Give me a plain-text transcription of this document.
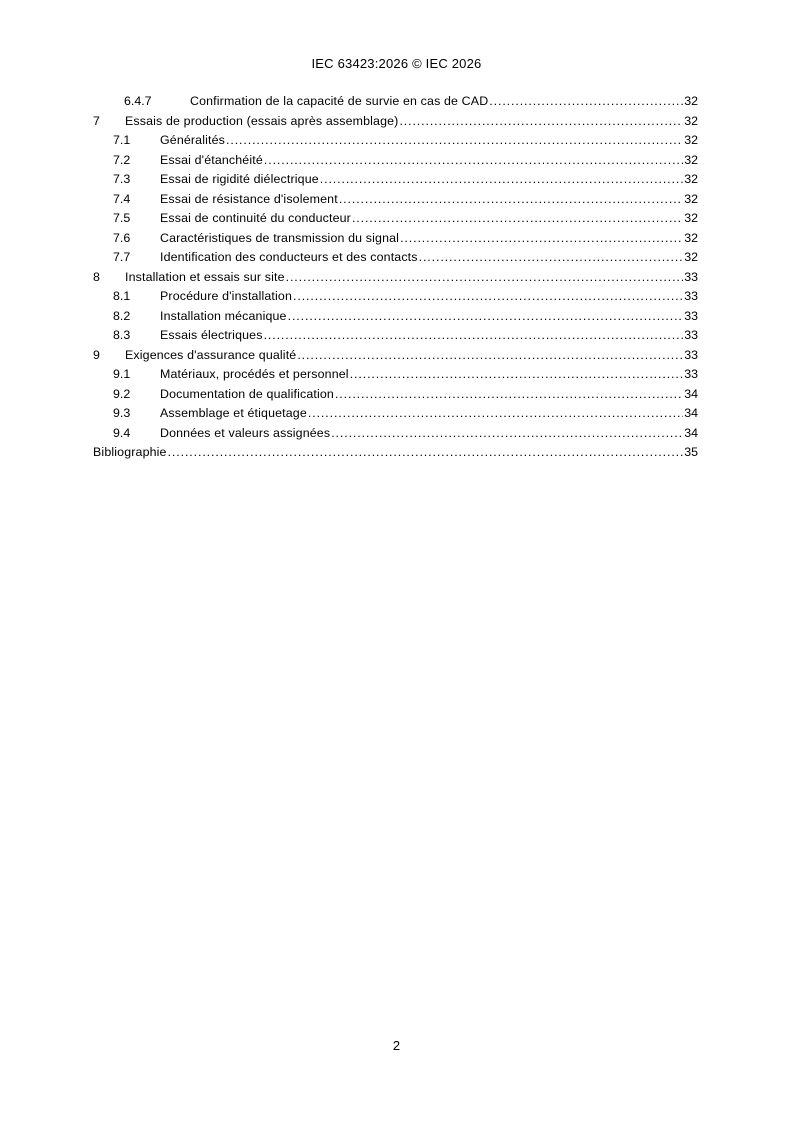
IEC 63423:2026 © IEC 2026
6.4.7	Confirmation de la capacité de survie en cas de CAD .....	32
7	Essais de production (essais après assemblage) .....	32
7.1	Généralités .....	32
7.2	Essai d'étanchéité .....	32
7.3	Essai de rigidité diélectrique .....	32
7.4	Essai de résistance d'isolement .....	32
7.5	Essai de continuité du conducteur .....	32
7.6	Caractéristiques de transmission du signal .....	32
7.7	Identification des conducteurs et des contacts .....	32
8	Installation et essais sur site .....	33
8.1	Procédure d'installation .....	33
8.2	Installation mécanique .....	33
8.3	Essais électriques .....	33
9	Exigences d'assurance qualité .....	33
9.1	Matériaux, procédés et personnel .....	33
9.2	Documentation de qualification .....	34
9.3	Assemblage et étiquetage .....	34
9.4	Données et valeurs assignées .....	34
Bibliographie .....	35
2
